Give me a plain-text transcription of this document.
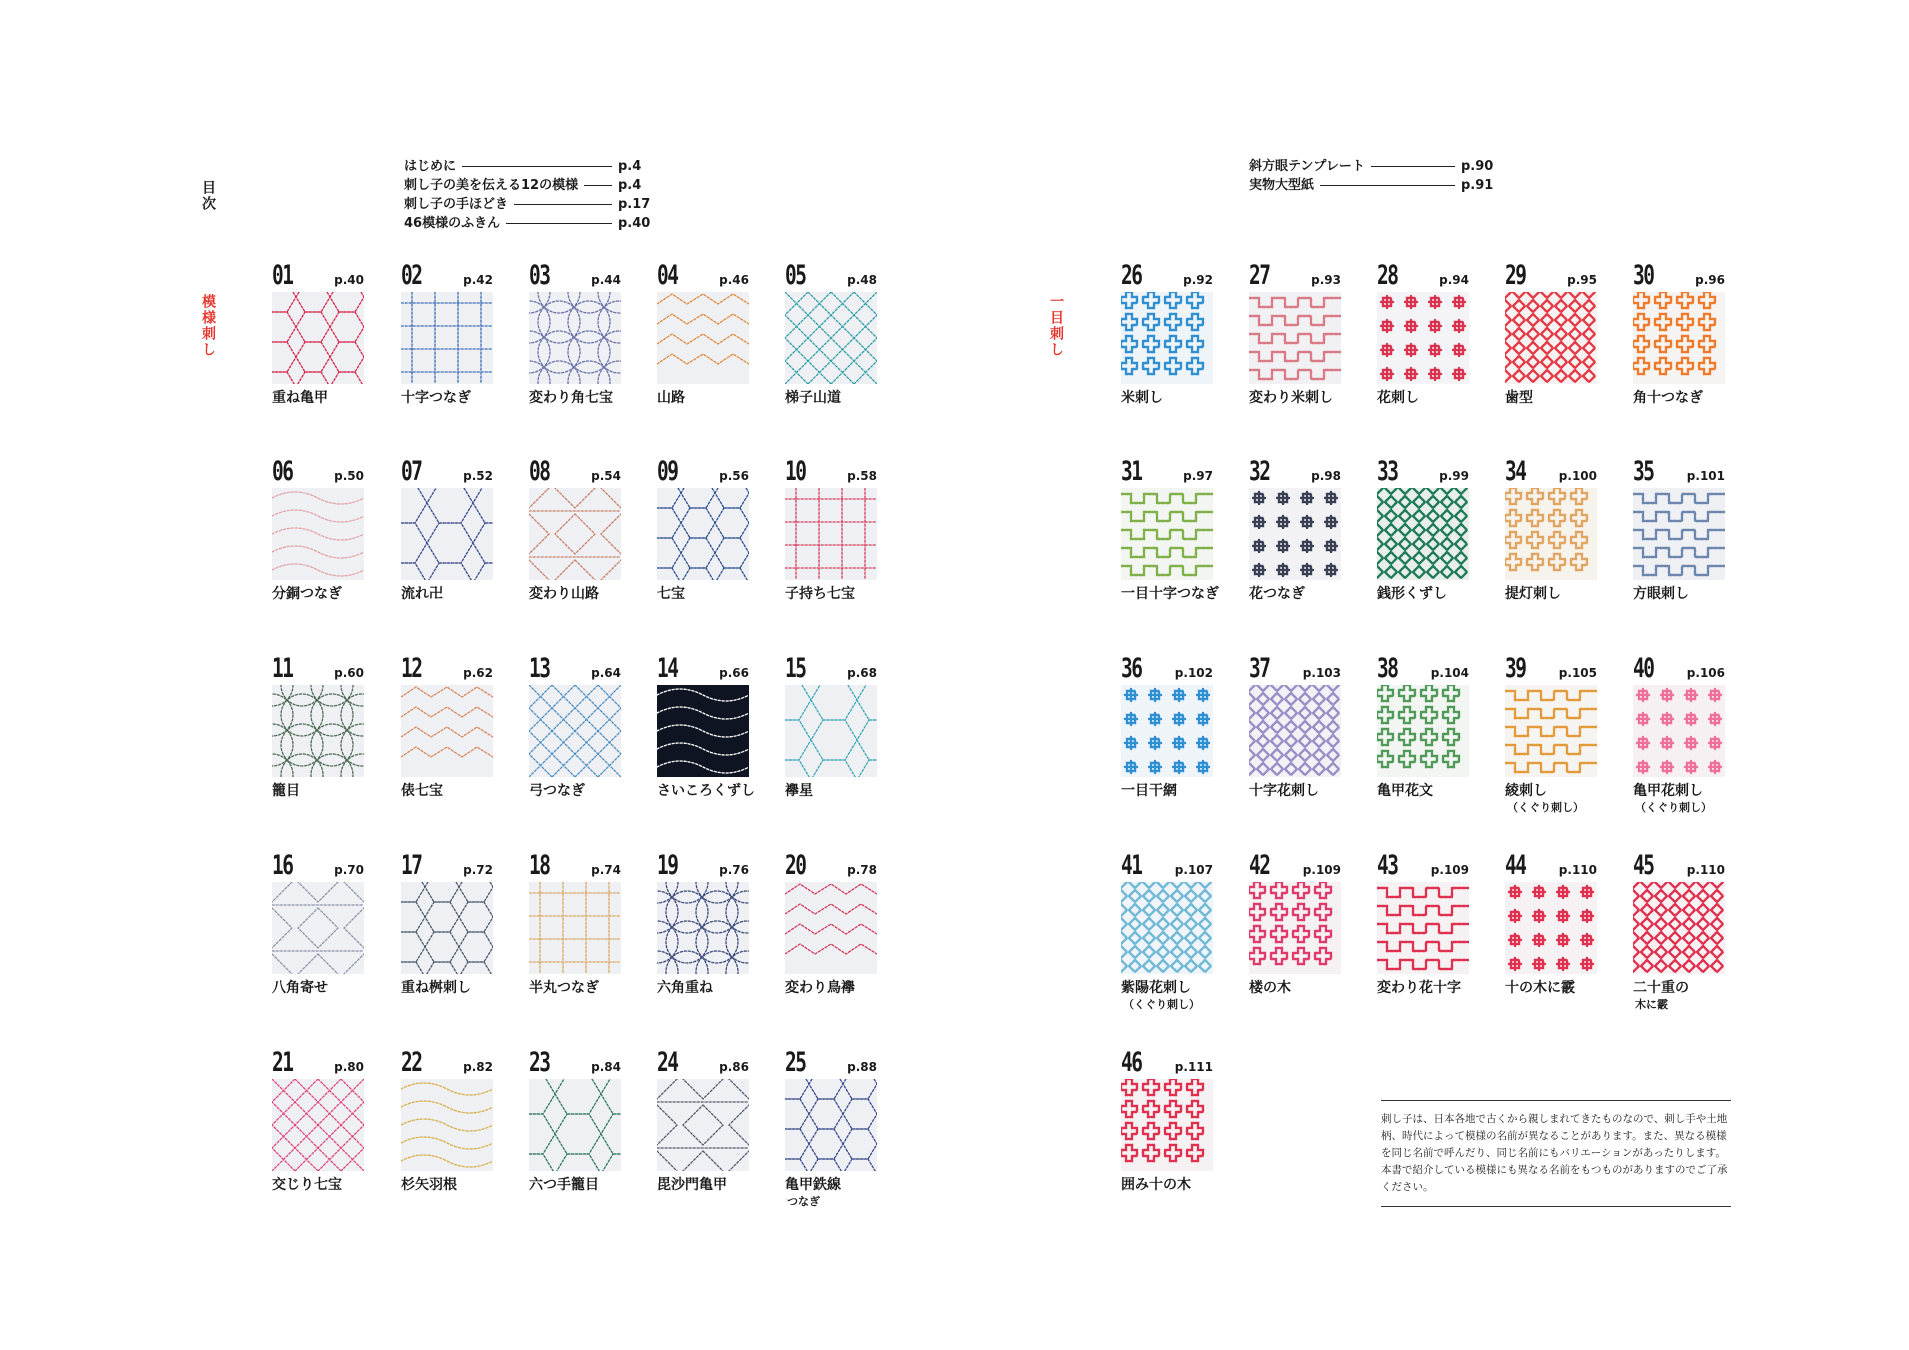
目次
模様刺し	一目刺し
はじめに	p.4
刺し子の美を伝える12の模様	p.4
刺し子の手ほどき	p.17
46模様のふきん	p.40
斜方眼テンプレート	p.90
実物大型紙	p.91
01	p.40
重ね亀甲
02	p.42
十字つなぎ
03	p.44
変わり角七宝
04	p.46
山路
05	p.48
梯子山道
06	p.50
分銅つなぎ
07	p.52
流れ卍
08	p.54
変わり山路
09	p.56
七宝
10	p.58
子持ち七宝
11	p.60
籠目
12	p.62
俵七宝
13	p.64
弓つなぎ
14	p.66
さいころくずし
15	p.68
襷星
16	p.70
八角寄せ
17	p.72
重ね桝刺し
18	p.74
半丸つなぎ
19	p.76
六角重ね
20	p.78
変わり鳥襷
21	p.80
交じり七宝
22	p.82
杉矢羽根
23	p.84
六つ手籠目
24	p.86
毘沙門亀甲
25	p.88
亀甲鉄線
つなぎ
26	p.92
米刺し
27	p.93
変わり米刺し
28	p.94
花刺し
29	p.95
歯型
30	p.96
角十つなぎ
31	p.97
一目十字つなぎ
32	p.98
花つなぎ
33	p.99
銭形くずし
34	p.100
提灯刺し
35	p.101
方眼刺し
36	p.102
一目干網
37	p.103
十字花刺し
38	p.104
亀甲花文
39	p.105
綾刺し
（くぐり刺し）
40	p.106
亀甲花刺し
（くぐり刺し）
41	p.107
紫陽花刺し
（くぐり刺し）
42	p.109
楼の木
43	p.109
変わり花十字
44	p.110
十の木に霰
45	p.110
二十重の
木に霰
46	p.111
囲み十の木
刺し子は、日本各地で古くから親しまれてきたものなので、刺し手や土地柄、時代によって模様の名前が異なることがあります。また、異なる模様を同じ名前で呼んだり、同じ名前にもバリエーションがあったりします。本書で紹介している模様にも異なる名前をもつものがありますのでご了承ください。
